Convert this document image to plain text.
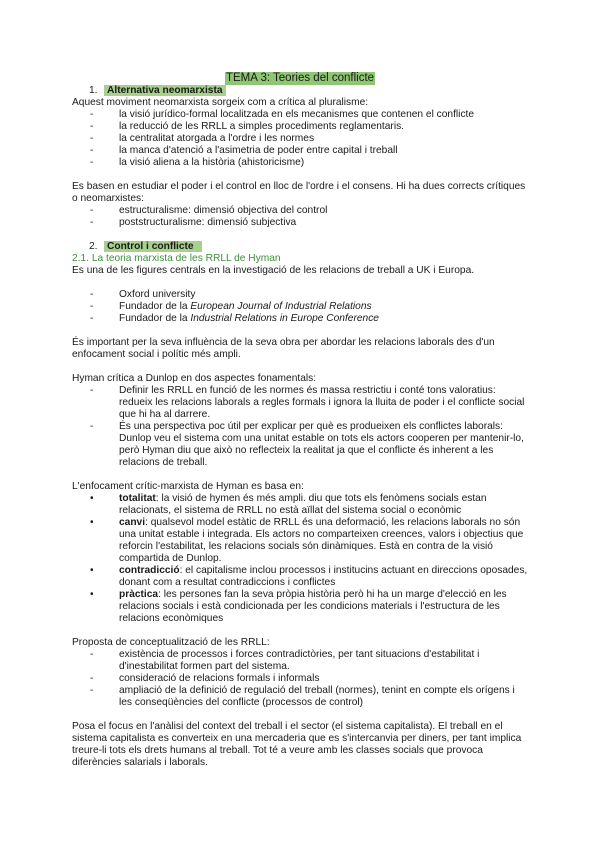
TEMA 3: Teories del conflicte
1. Alternativa neomarxista

Aquest moviment neomarxista sorgeix com a crítica al pluralisme:

- la visió jurídico-formal localitzada en els mecanismes que contenen el conflicte
- la reducció de les RRLL a simples procediments reglamentaris.
- la centralitat atorgada a l'ordre i les normes
- la manca d'atenció a l'asimetria de poder entre capital i treball
- la visió aliena a la història (ahistoricisme)

Es basen en estudiar el poder i el control en lloc de l'ordre i el consens. Hi ha dues corrects crítiques o neomarxistes:

- estructuralisme: dimensió objectiva del control
- poststructuralisme: dimensió subjectiva
2. Control i conflicte
2.1. La teoria marxista de les RRLL de Hyman

Es una de les figures centrals en la investigació de les relacions de treball a UK i Europa.

- Oxford university
- Fundador de la European Journal of Industrial Relations
- Fundador de la Industrial Relations in Europe Conference

És important per la seva influència de la seva obra per abordar les relacions laborals des d'un enfocament social i polític més ampli.

Hyman crítica a Dunlop en dos aspectes fonamentals:

- Definir les RRLL en funció de les normes és massa restrictiu i conté tons valoratius: redueix les relacions laborals a regles formals i ignora la lluita de poder i el conflicte social que hi ha al darrere.
- És una perspectiva poc útil per explicar per què es produeixen els conflictes laborals: Dunlop veu el sistema com una unitat estable on tots els actors cooperen per mantenir-lo, però Hyman diu que això no reflecteix la realitat ja que el conflicte és inherent a les relacions de treball.

L'enfocament crític-marxista de Hyman es basa en:

• totalitat: la visió de hymen és més ampli. diu que tots els fenòmens socials estan relacionats, el sistema de RRLL no està aïllat del sistema social o econòmic
• canvi: qualsevol model estàtic de RRLL és una deformació, les relacions laborals no són una unitat estable i integrada. Els actors no comparteixen creences, valors i objectius que reforcin l'estabilitat, les relacions socials són dinàmiques. Està en contra de la visió compartida de Dunlop.
• contradicció: el capitalisme inclou processos i institucins actuant en direccions oposades, donant com a resultat contradiccions i conflictes
• pràctica: les persones fan la seva pròpia història però hi ha un marge d'elecció en les relacions socials i està condicionada per les condicions materials i l'estructura de les relacions econòmiques

Proposta de conceptualització de les RRLL:

- existència de processos i forces contradictòries, per tant situacions d'estabilitat i d'inestabilitat formen part del sistema.
- consideració de relacions formals i informals
- ampliació de la definició de regulació del treball (normes), tenint en compte els orígens i les conseqüències del conflicte (processos de control)

Posa el focus en l'anàlisi del context del treball i el sector (el sistema capitalista). El treball en el sistema capitalista es converteix en una mercaderia que es s'intercanvia per diners, per tant implica treure-li tots els drets humans al treball. Tot té a veure amb les classes socials que provoca diferències salarials i laborals.
